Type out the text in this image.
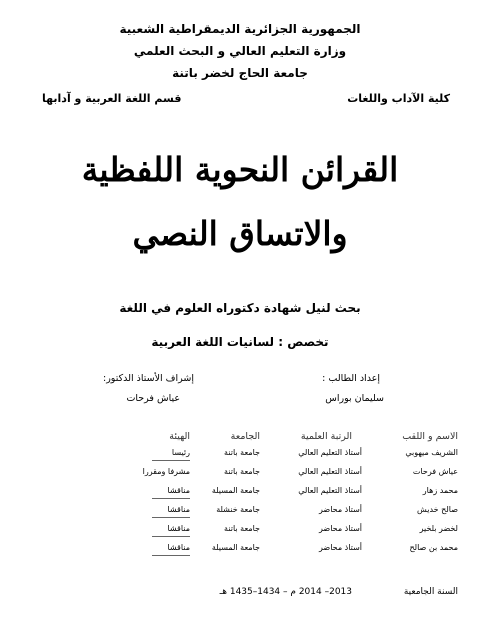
الجمهورية الجزائرية الديمقراطية الشعبية
وزارة التعليم العالي و البحث العلمي
جامعة الحاج لخضر باتنة
كلية الآداب واللغات
قسم اللغة العربية و آدابها
القرائن النحوية اللفظية
والاتساق النصي
بحث لنيل شهادة دكتوراه العلوم في اللغة
تخصص : لسانيات اللغة العربية
إعداد الطالب :
سليمان بوراس
إشراف الأستاذ الدكتور:
عياش فرحات
الاسم و اللقب
الرتبة العلمية
الجامعة
الهيئة
الشريف ميهوبي
أستاذ التعليم العالي
جامعة باتنة
رئيسا
عياش فرحات
أستاذ التعليم العالي
جامعة باتنة
مشرفا ومقررا
محمد زهار
أستاذ التعليم العالي
جامعة المسيلة
مناقشا
صالح خديش
أستاذ محاضر
جامعة خنشلة
مناقشا
لخضر بلخير
أستاذ محاضر
جامعة باتنة
مناقشا
محمد بن صالح
أستاذ محاضر
جامعة المسيلة
مناقشا
السنة الجامعية
2013– 2014 م – 1434–1435 هـ
